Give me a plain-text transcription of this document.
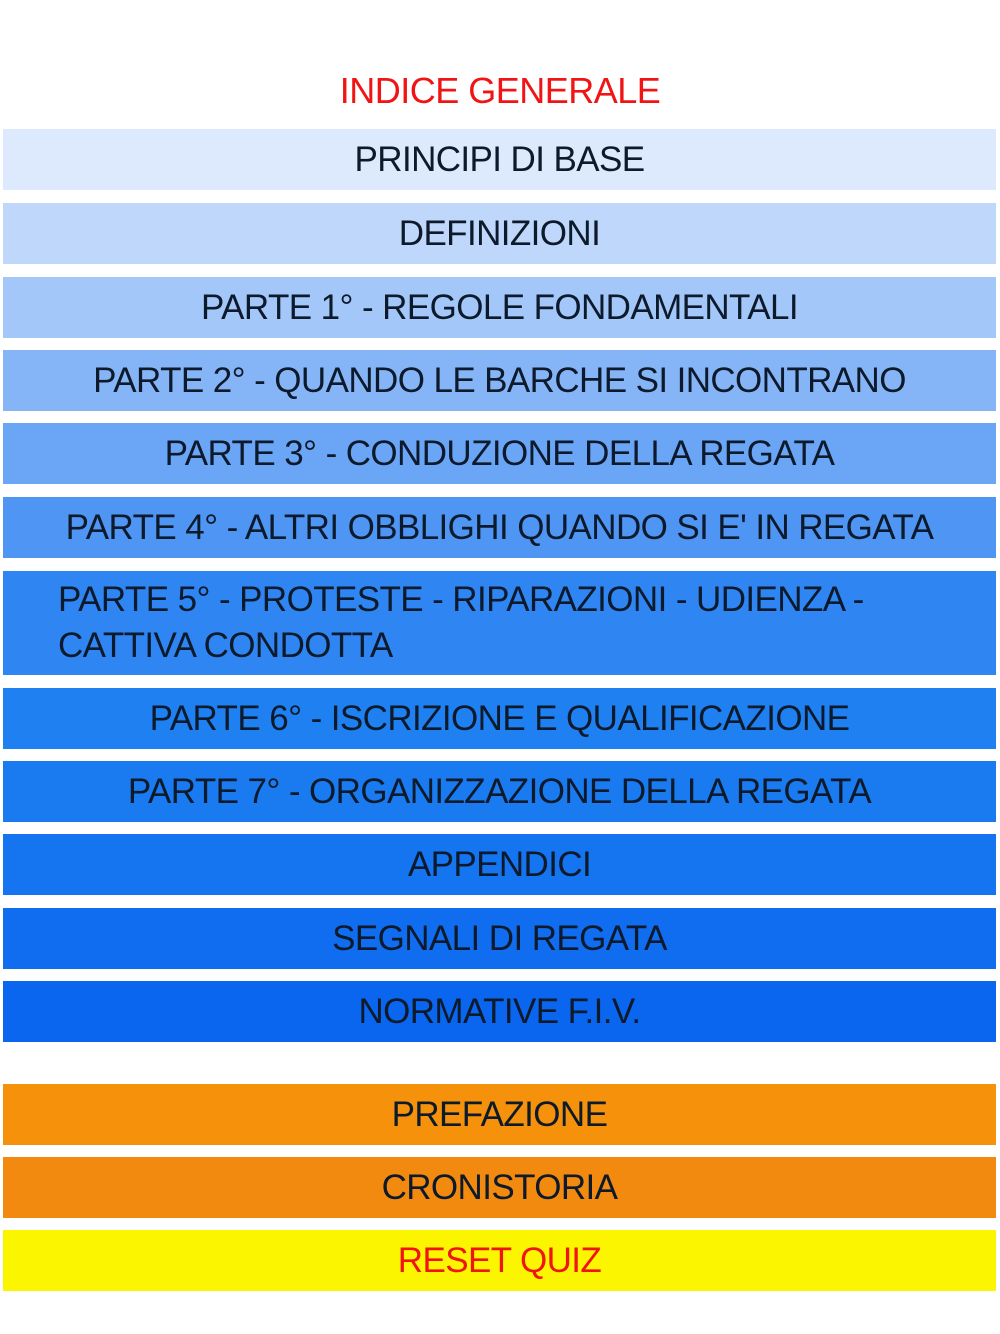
INDICE GENERALE
PRINCIPI DI BASE
DEFINIZIONI
PARTE 1° - REGOLE FONDAMENTALI
PARTE 2° - QUANDO LE BARCHE SI INCONTRANO
PARTE 3° - CONDUZIONE DELLA REGATA
PARTE 4° - ALTRI OBBLIGHI QUANDO SI E' IN REGATA
PARTE 5° - PROTESTE - RIPARAZIONI - UDIENZA - CATTIVA CONDOTTA
PARTE 6° - ISCRIZIONE E QUALIFICAZIONE
PARTE 7° - ORGANIZZAZIONE DELLA REGATA
APPENDICI
SEGNALI DI REGATA
NORMATIVE F.I.V.
PREFAZIONE
CRONISTORIA
RESET QUIZ
